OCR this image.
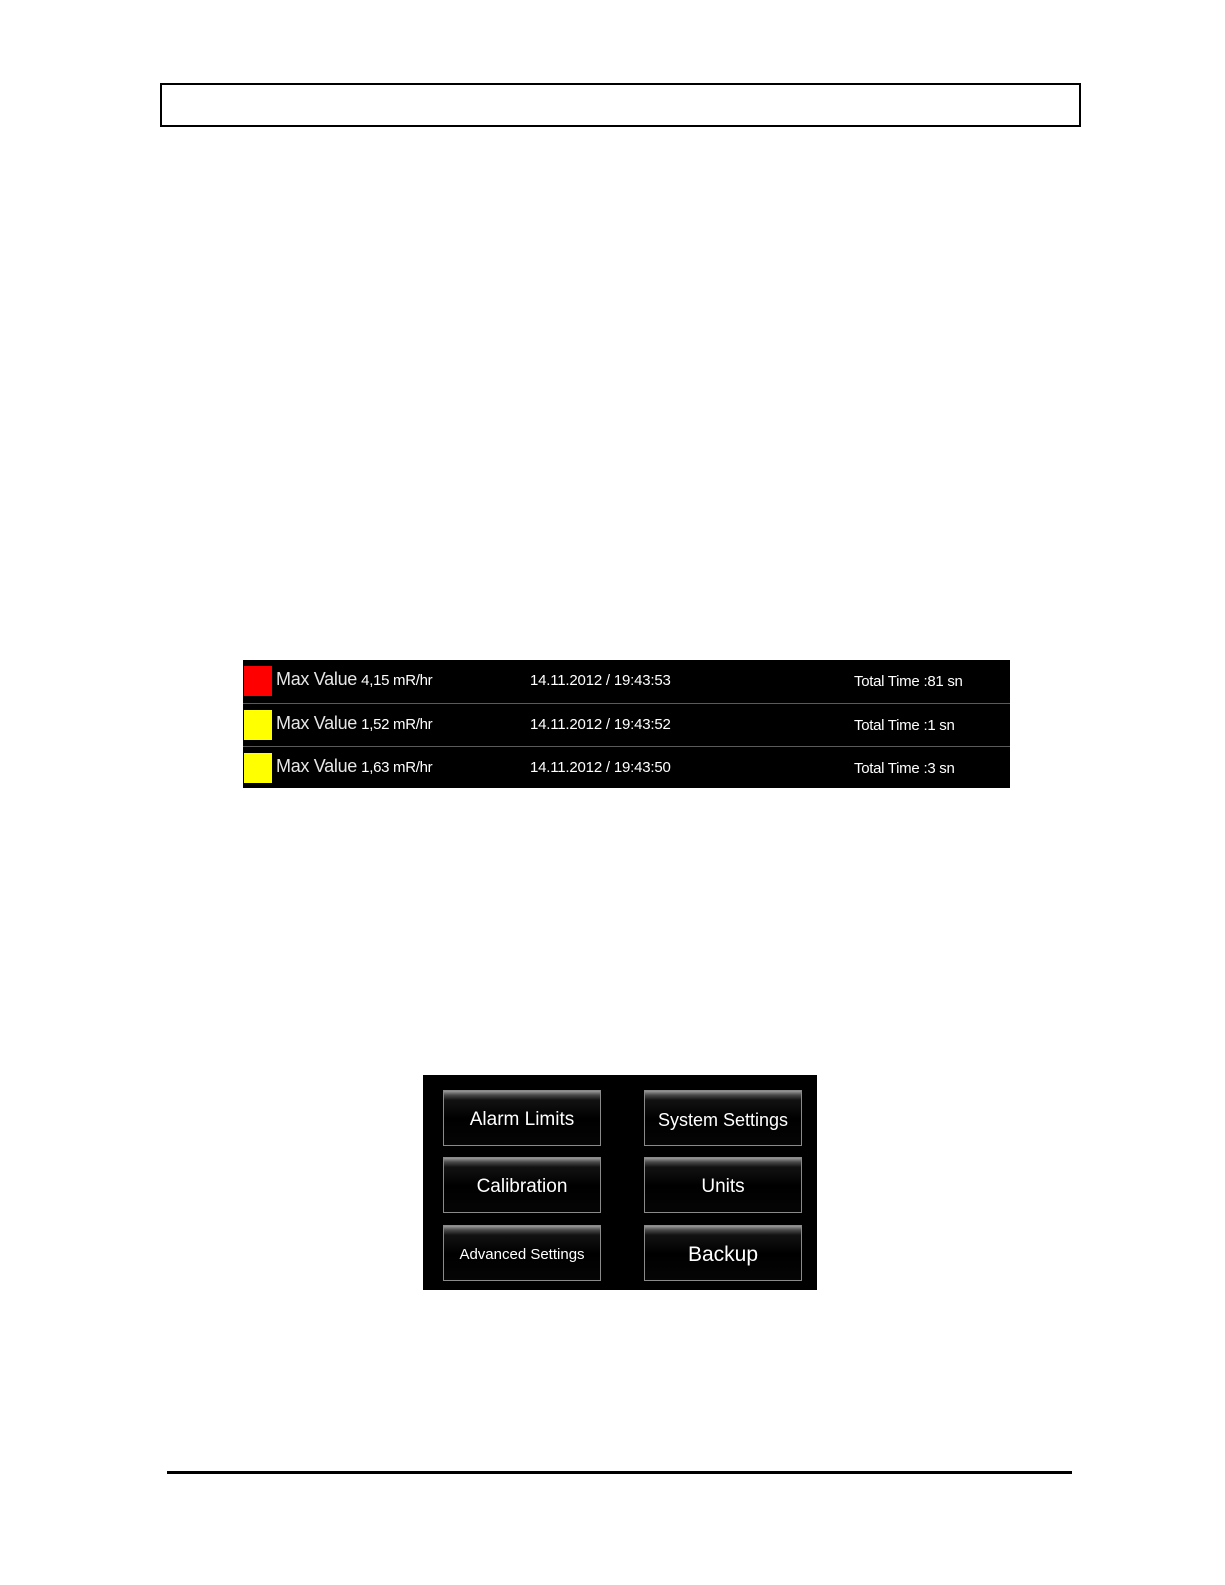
Max Value 4,15 mR/hr	14.11.2012 / 19:43:53	Total Time :81 sn
Max Value 1,52 mR/hr	14.11.2012 / 19:43:52	Total Time :1 sn
Max Value 1,63 mR/hr	14.11.2012 / 19:43:50	Total Time :3 sn
Alarm Limits	System Settings
Calibration	Units
Advanced Settings	Backup
